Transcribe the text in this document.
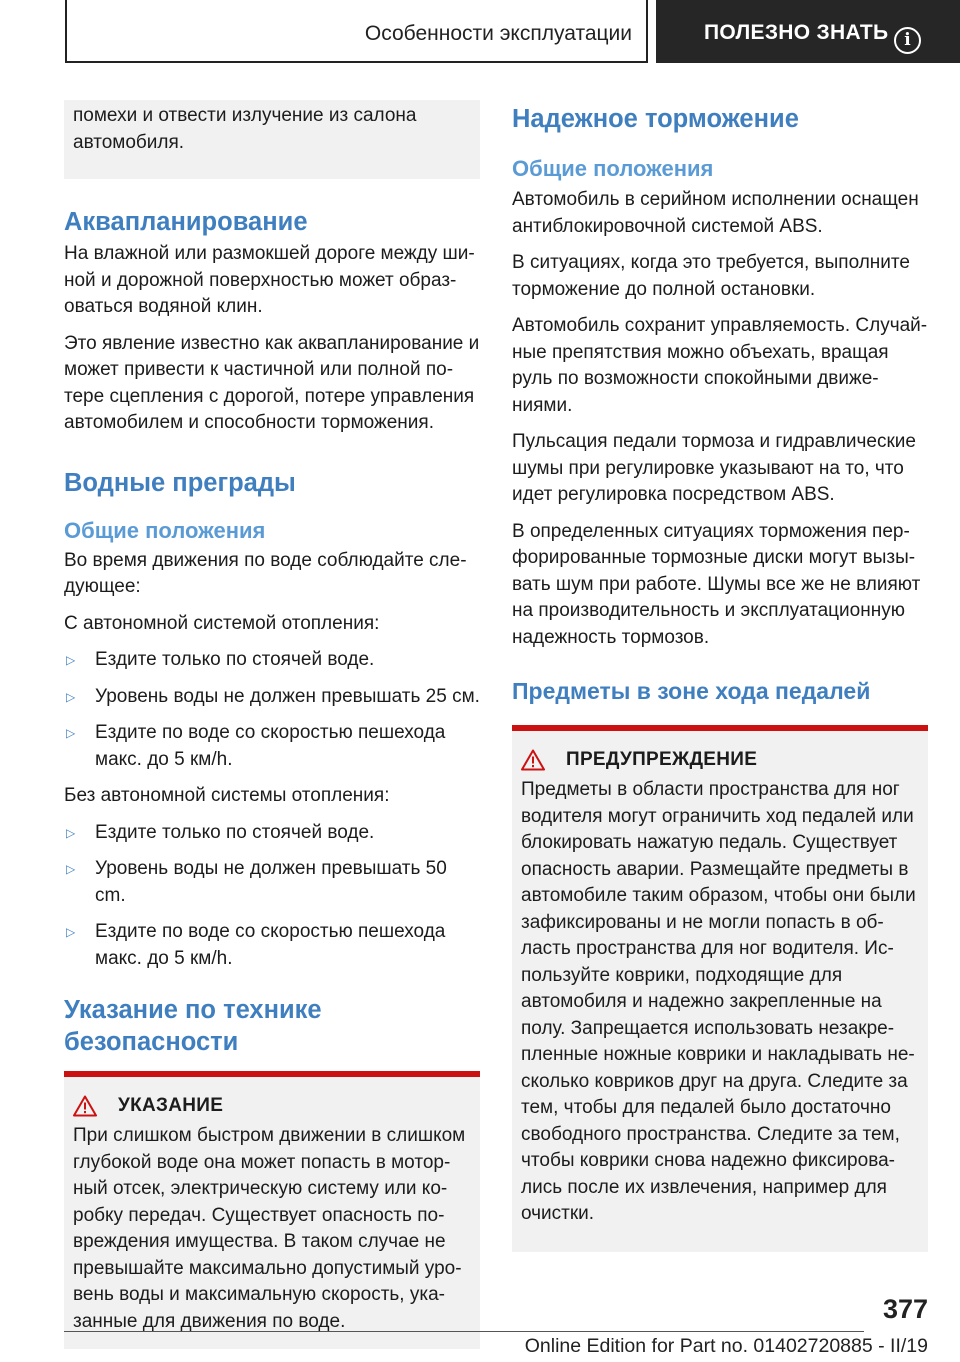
Особенности эксплуатации	ПОЛЕЗНО ЗНАТЬ i

помехи и отвести излучение из салона автомобиля.

Аквапланирование

На влажной или размокшей дороге между ши- ной и дорожной поверхностью может образ- оваться водяной клин.

Это явление известно как аквапланирование и может привести к частичной или полной по- тере сцепления с дорогой, потере управления автомобилем и способности торможения.

Водные преграды
Общие положения

Во время движения по воде соблюдайте сле- дующее:

С автономной системой отопления:

▷	Ездите только по стоячей воде.

▷	Уровень воды не должен превышать 25 см.

▷	Ездите по воде со скоростью пешехода макс. до 5 км/h.

Без автономной системы отопления:

▷	Ездите только по стоячей воде.

▷	Уровень воды не должен превышать 50 cm.

▷	Ездите по воде со скоростью пешехода макс. до 5 км/h.

Указание по технике безопасности
УКАЗАНИЕ

При слишком быстром движении в слишком глубокой воде она может попасть в мотор- ный отсек, электрическую систему или ко- робку передач. Существует опасность по- вреждения имущества. В таком случае не превышайте максимально допустимый уро- вень воды и максимальную скорость, ука- занные для движения по воде.

Надежное торможение
Общие положения

Автомобиль в серийном исполнении оснащен антиблокировочной системой ABS.

В ситуациях, когда это требуется, выполните торможение до полной остановки.

Автомобиль сохранит управляемость. Случай- ные препятствия можно объехать, вращая руль по возможности спокойными движе- ниями.

Пульсация педали тормоза и гидравлические шумы при регулировке указывают на то, что идет регулировка посредством ABS.

В определенных ситуациях торможения пер- форированные тормозные диски могут вызы- вать шум при работе. Шумы все же не влияют на производительность и эксплуатационную надежность тормозов.

Предметы в зоне хода педалей
ПРЕДУПРЕЖДЕНИЕ

Предметы в области пространства для ног водителя могут ограничить ход педалей или блокировать нажатую педаль. Существует опасность аварии. Размещайте предметы в автомобиле таким образом, чтобы они были зафиксированы и не могли попасть в об- ласть пространства для ног водителя. Ис- пользуйте коврики, подходящие для автомобиля и надежно закрепленные на полу. Запрещается использовать незакре- пленные ножные коврики и накладывать не- сколько ковриков друг на друга. Следите за тем, чтобы для педалей было достаточно свободного пространства. Следите за тем, чтобы коврики снова надежно фиксирова- лись после их извлечения, например для очистки.

377
Online Edition for Part no. 01402720885 - II/19
